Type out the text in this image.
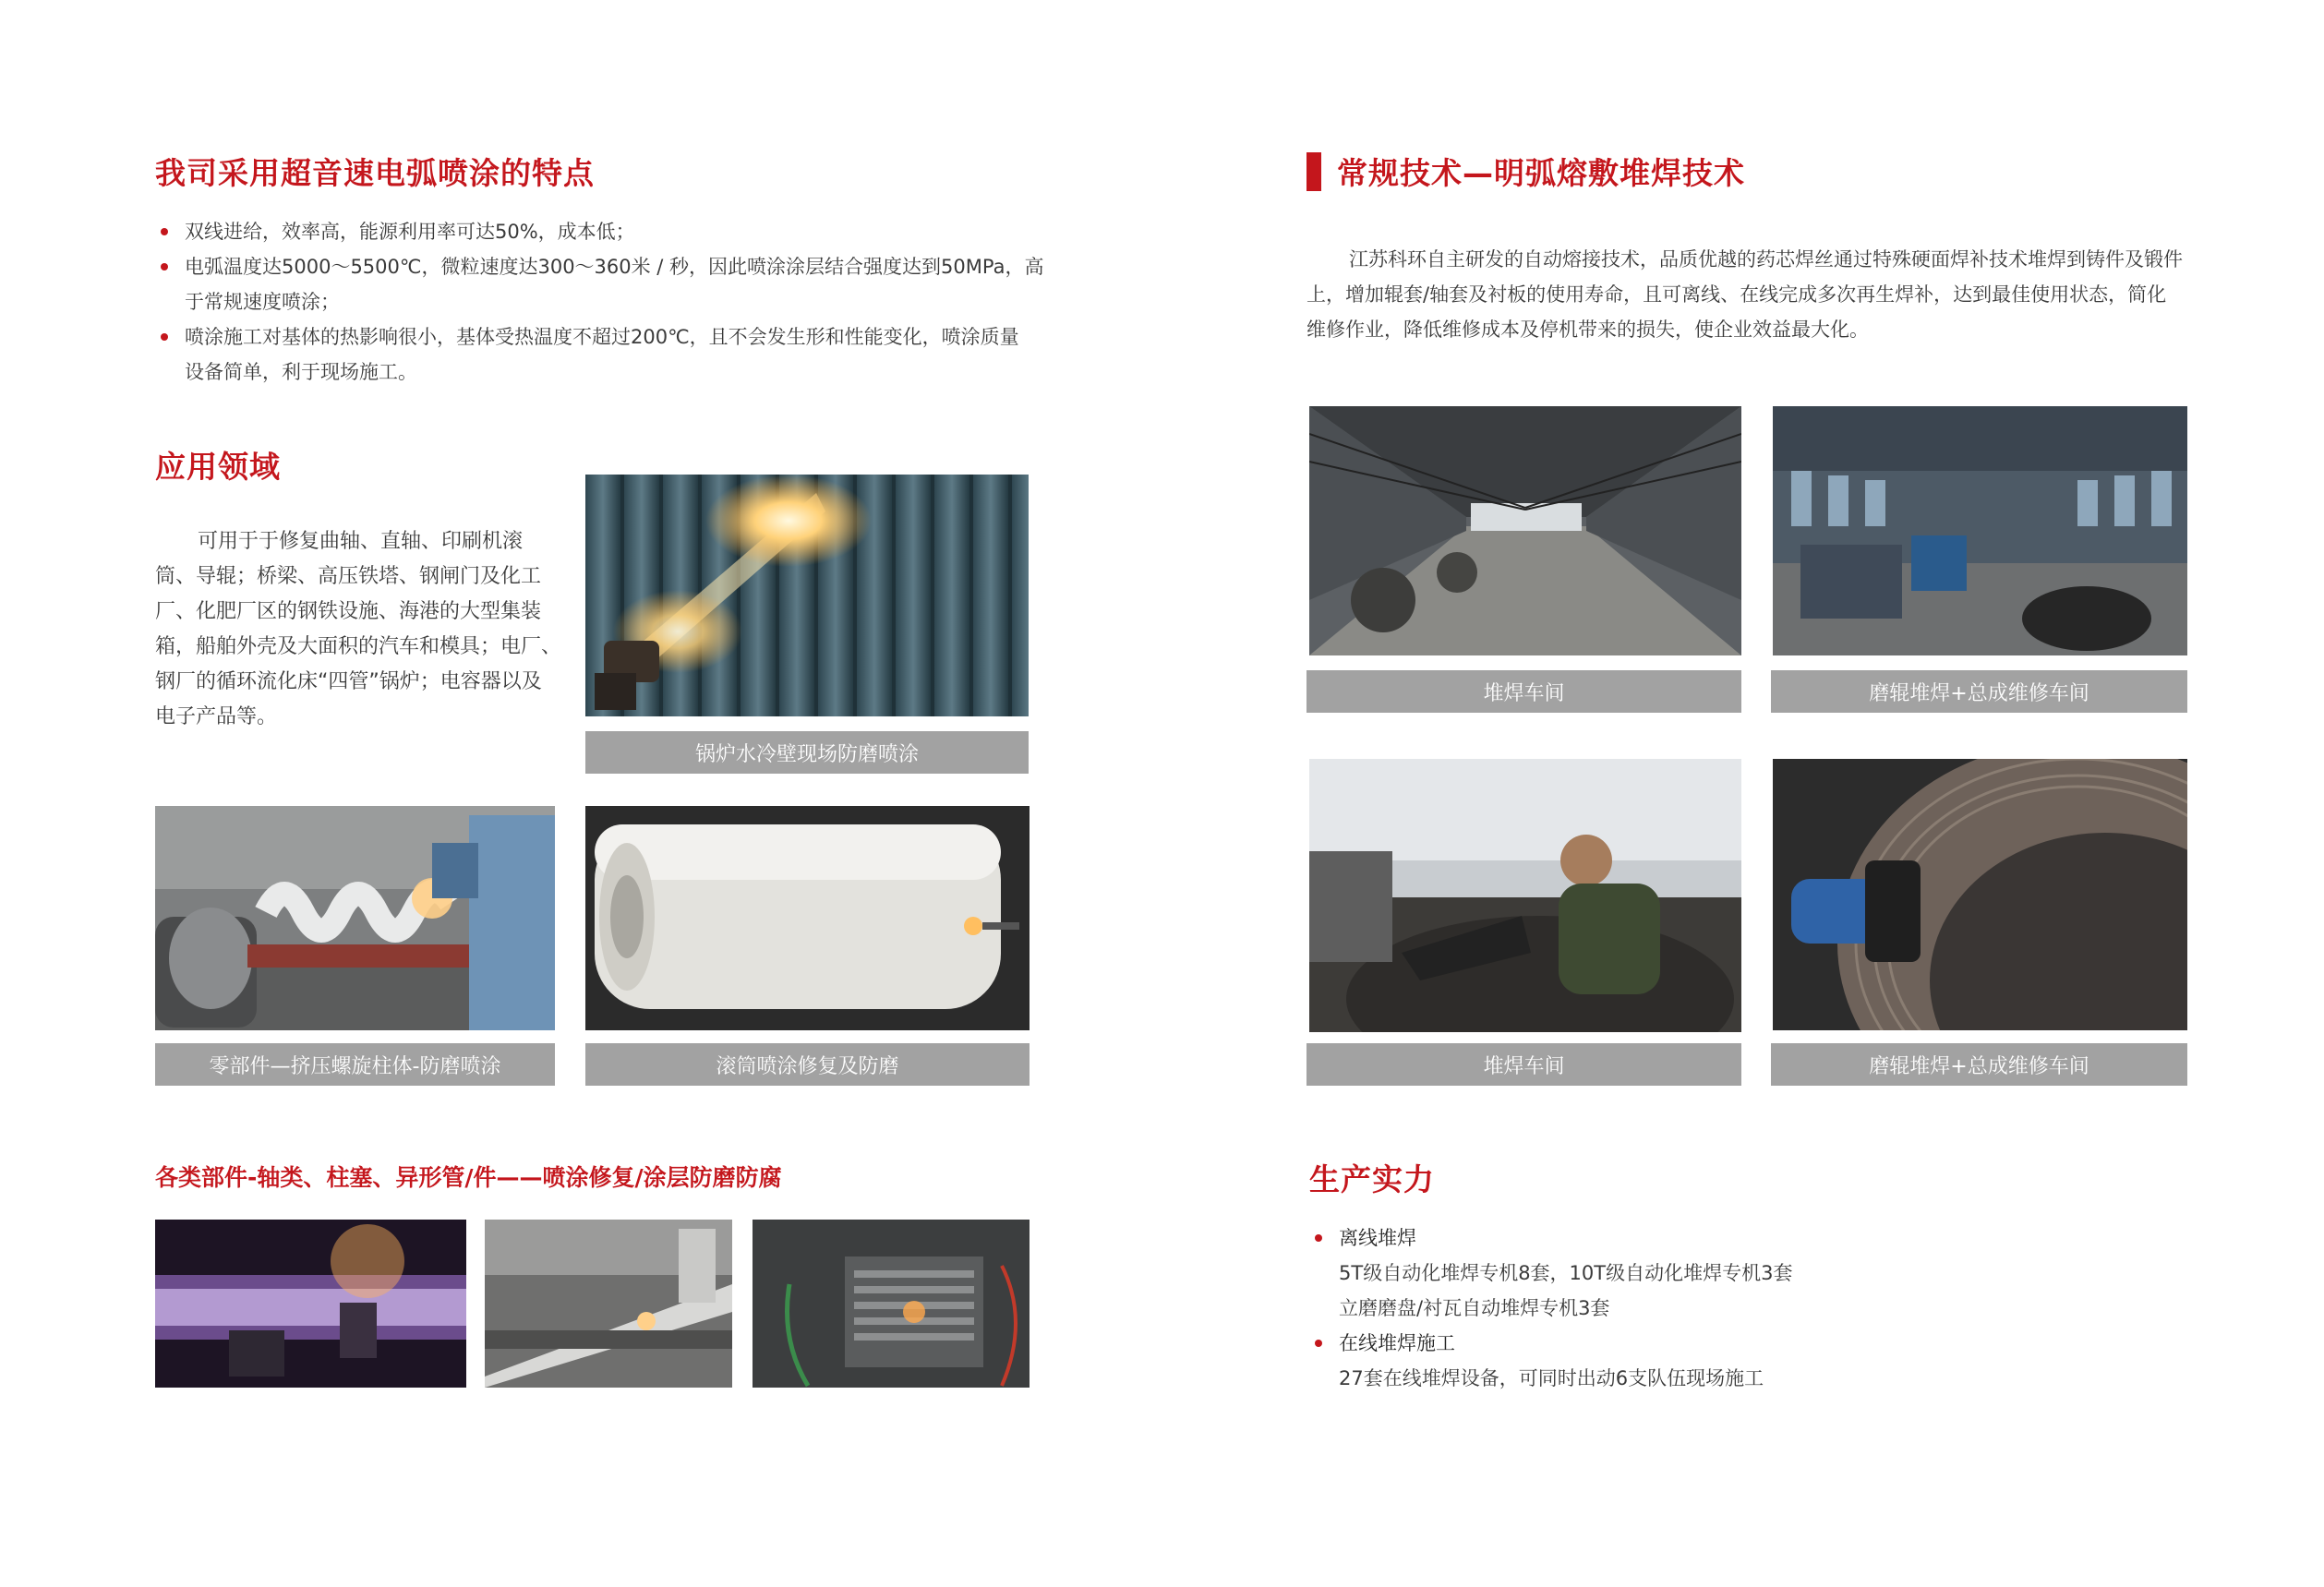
我司采用超音速电弧喷涂的特点
双线进给，效率高，能源利用率可达50%，成本低；
电弧温度达5000～5500℃，微粒速度达300～360米 / 秒，因此喷涂涂层结合强度达到50MPa，高
于常规速度喷涂；
喷涂施工对基体的热影响很小，基体受热温度不超过200℃，且不会发生形和性能变化，喷涂质量
设备简单，利于现场施工。
应用领域
可用于于修复曲轴、直轴、印刷机滚
筒、导辊；桥梁、高压铁塔、钢闸门及化工
厂、化肥厂区的钢铁设施、海港的大型集装
箱，船舶外壳及大面积的汽车和模具；电厂、
钢厂的循环流化床“四管”锅炉；电容器以及
电子产品等。
锅炉水冷壁现场防磨喷涂
零部件—挤压螺旋柱体-防磨喷涂	滚筒喷涂修复及防磨
各类部件-轴类、柱塞、异形管/件——喷涂修复/涂层防磨防腐
常规技术—明弧熔敷堆焊技术
江苏科环自主研发的自动熔接技术，品质优越的药芯焊丝通过特殊硬面焊补技术堆焊到铸件及锻件
上，增加辊套/轴套及衬板的使用寿命，且可离线、在线完成多次再生焊补，达到最佳使用状态，简化
维修作业，降低维修成本及停机带来的损失，使企业效益最大化。
堆焊车间	磨辊堆焊+总成维修车间
堆焊车间	磨辊堆焊+总成维修车间
生产实力
离线堆焊
5T级自动化堆焊专机8套，10T级自动化堆焊专机3套
立磨磨盘/衬瓦自动堆焊专机3套
在线堆焊施工
27套在线堆焊设备，可同时出动6支队伍现场施工
